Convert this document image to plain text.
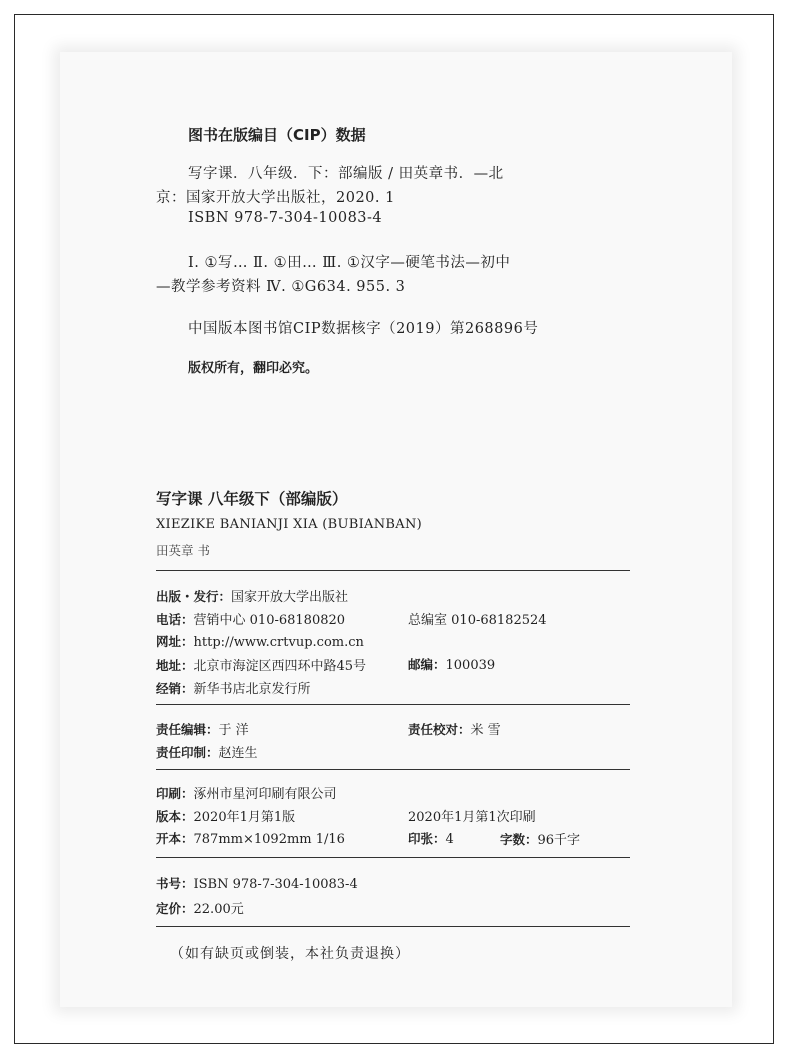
图书在版编目（CIP）数据
写字课．八年级．下：部编版 / 田英章书．—北
京：国家开放大学出版社，2020. 1
ISBN 978-7-304-10083-4
Ⅰ. ①写… Ⅱ. ①田… Ⅲ. ①汉字—硬笔书法—初中
—教学参考资料 Ⅳ. ①G634. 955. 3
中国版本图书馆CIP数据核字（2019）第268896号
版权所有，翻印必究。
写字课 八年级下（部编版）
XIEZIKE BANIANJI XIA (BUBIANBAN)
田英章 书
出版・发行：国家开放大学出版社
电话：营销中心 010-68180820	总编室 010-68182524
网址：http://www.crtvup.com.cn
地址：北京市海淀区西四环中路45号	邮编：100039
经销：新华书店北京发行所
责任编辑：于 洋	责任校对：米 雪
责任印制：赵连生
印刷：涿州市星河印刷有限公司
版本：2020年1月第1版	2020年1月第1次印刷
开本：787mm×1092mm 1/16	印张：4	字数：96千字
书号：ISBN 978-7-304-10083-4
定价：22.00元
（如有缺页或倒装，本社负责退换）
